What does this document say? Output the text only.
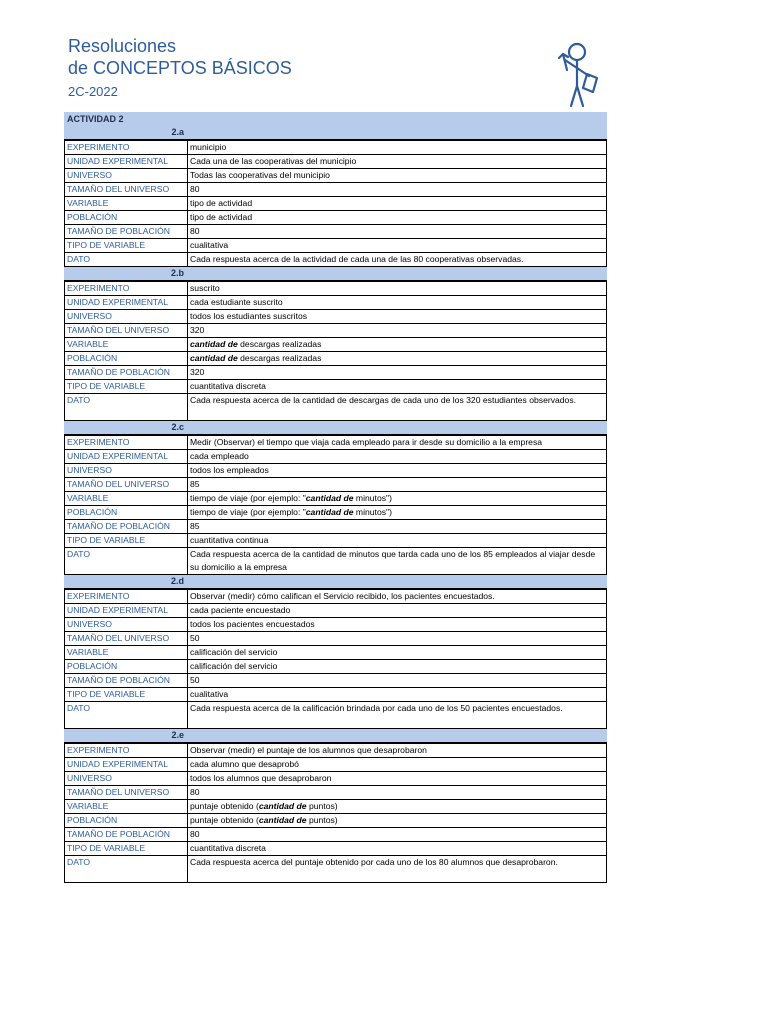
Resoluciones
de CONCEPTOS BÁSICOS
2C-2022
ACTIVIDAD 2
2.a
EXPERIMENTO	municipio
UNIDAD EXPERIMENTAL	Cada una de las cooperativas del municipio
UNIVERSO	Todas las cooperativas del municipio
TAMAÑO DEL UNIVERSO	80
VARIABLE	tipo de actividad
POBLACIÓN	tipo de actividad
TAMAÑO DE POBLACIÓN	80
TIPO DE VARIABLE	cualitativa
DATO	Cada respuesta acerca de la actividad de cada una de las 80 cooperativas observadas.
2.b
EXPERIMENTO	suscrito
UNIDAD EXPERIMENTAL	cada estudiante suscrito
UNIVERSO	todos los estudiantes suscritos
TAMAÑO DEL UNIVERSO	320
VARIABLE	cantidad de descargas realizadas
POBLACIÓN	cantidad de descargas realizadas
TAMAÑO DE POBLACIÓN	320
TIPO DE VARIABLE	cuantitativa discreta
DATO	Cada respuesta acerca de la cantidad de descargas de cada uno de los 320 estudiantes observados.
2.c
EXPERIMENTO	Medir (Observar) el tiempo que viaja cada empleado para ir desde su domicilio a la empresa
UNIDAD EXPERIMENTAL	cada empleado
UNIVERSO	todos los empleados
TAMAÑO DEL UNIVERSO	85
VARIABLE	tiempo de viaje (por ejemplo: "cantidad de minutos")
POBLACIÓN	tiempo de viaje (por ejemplo: "cantidad de minutos")
TAMAÑO DE POBLACIÓN	85
TIPO DE VARIABLE	cuantitativa continua
DATO	Cada respuesta acerca de la cantidad de minutos que tarda cada uno de los 85 empleados al viajar desde su domicilio a la empresa
2.d
EXPERIMENTO	Observar (medir) cómo califican el Servicio recibido, los pacientes encuestados.
UNIDAD EXPERIMENTAL	cada paciente encuestado
UNIVERSO	todos los pacientes encuestados
TAMAÑO DEL UNIVERSO	50
VARIABLE	calificación del servicio
POBLACIÓN	calificación del servicio
TAMAÑO DE POBLACIÓN	50
TIPO DE VARIABLE	cualitativa
DATO	Cada respuesta acerca de la calificación brindada por cada uno de los 50 pacientes encuestados.
2.e
EXPERIMENTO	Observar (medir) el puntaje de los alumnos que desaprobaron
UNIDAD EXPERIMENTAL	cada alumno que desaprobó
UNIVERSO	todos los alumnos que desaprobaron
TAMAÑO DEL UNIVERSO	80
VARIABLE	puntaje obtenido (cantidad de puntos)
POBLACIÓN	puntaje obtenido (cantidad de puntos)
TAMAÑO DE POBLACIÓN	80
TIPO DE VARIABLE	cuantitativa discreta
DATO	Cada respuesta acerca del puntaje obtenido por cada uno de los 80 alumnos que desaprobaron.
